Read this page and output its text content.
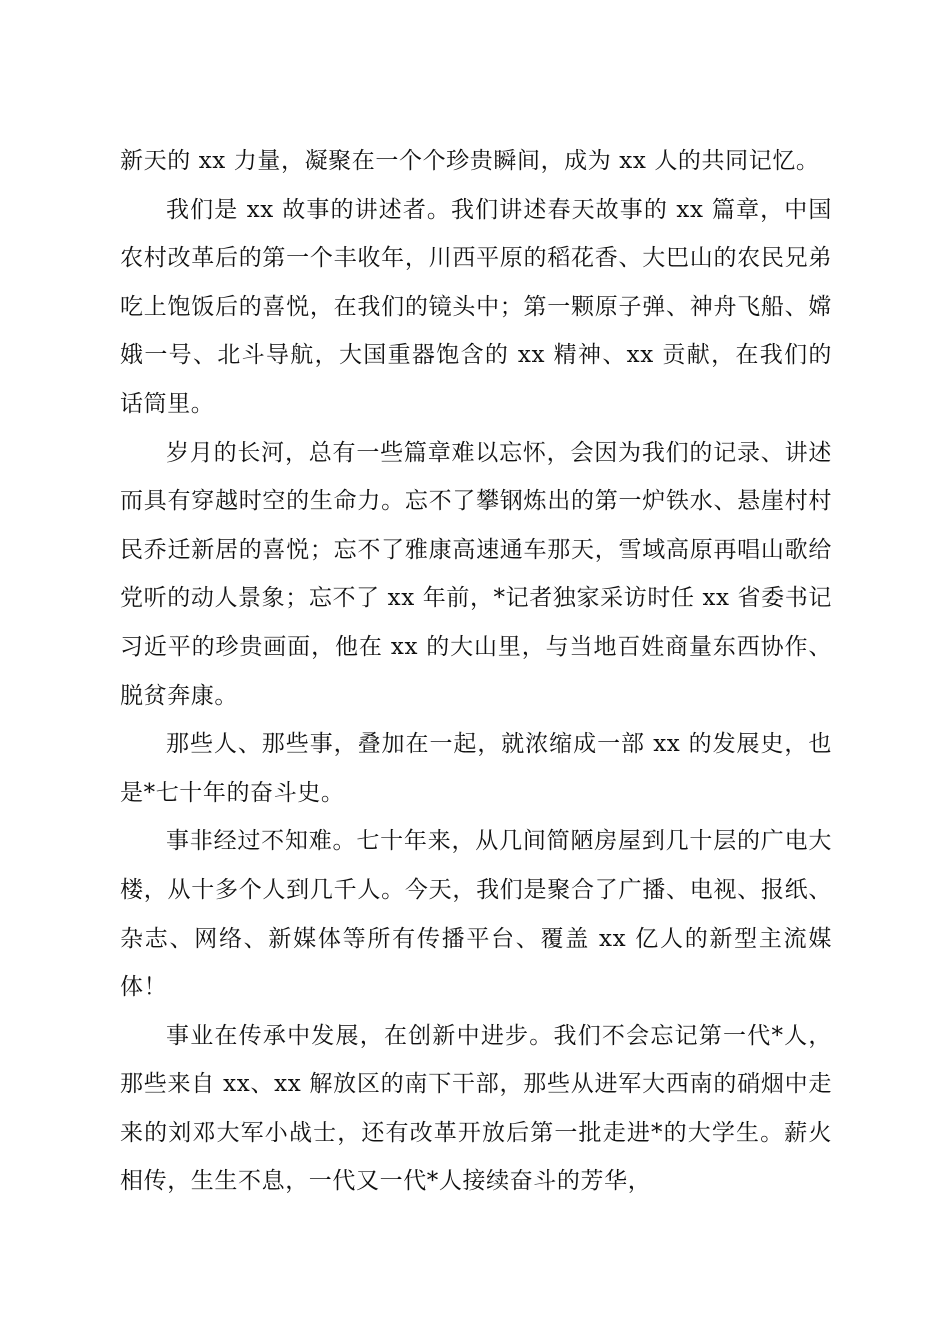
新天的 xx 力量，凝聚在一个个珍贵瞬间，成为 xx 人的共同记忆。

我们是 xx 故事的讲述者。我们讲述春天故事的 xx 篇章，中国农村改革后的第一个丰收年，川西平原的稻花香、大巴山的农民兄弟吃上饱饭后的喜悦，在我们的镜头中；第一颗原子弹、神舟飞船、嫦娥一号、北斗导航，大国重器饱含的 xx 精神、xx 贡献，在我们的话筒里。

岁月的长河，总有一些篇章难以忘怀，会因为我们的记录、讲述而具有穿越时空的生命力。忘不了攀钢炼出的第一炉铁水、悬崖村村民乔迁新居的喜悦；忘不了雅康高速通车那天，雪域高原再唱山歌给党听的动人景象；忘不了 xx 年前，*记者独家采访时任 xx 省委书记习近平的珍贵画面，他在 xx 的大山里，与当地百姓商量东西协作、脱贫奔康。

那些人、那些事，叠加在一起，就浓缩成一部 xx 的发展史，也是*七十年的奋斗史。

事非经过不知难。七十年来，从几间简陋房屋到几十层的广电大楼，从十多个人到几千人。今天，我们是聚合了广播、电视、报纸、杂志、网络、新媒体等所有传播平台、覆盖 xx 亿人的新型主流媒体！

事业在传承中发展，在创新中进步。我们不会忘记第一代*人，那些来自 xx、xx 解放区的南下干部，那些从进军大西南的硝烟中走来的刘邓大军小战士，还有改革开放后第一批走进*的大学生。薪火相传，生生不息，一代又一代*人接续奋斗的芳华，
